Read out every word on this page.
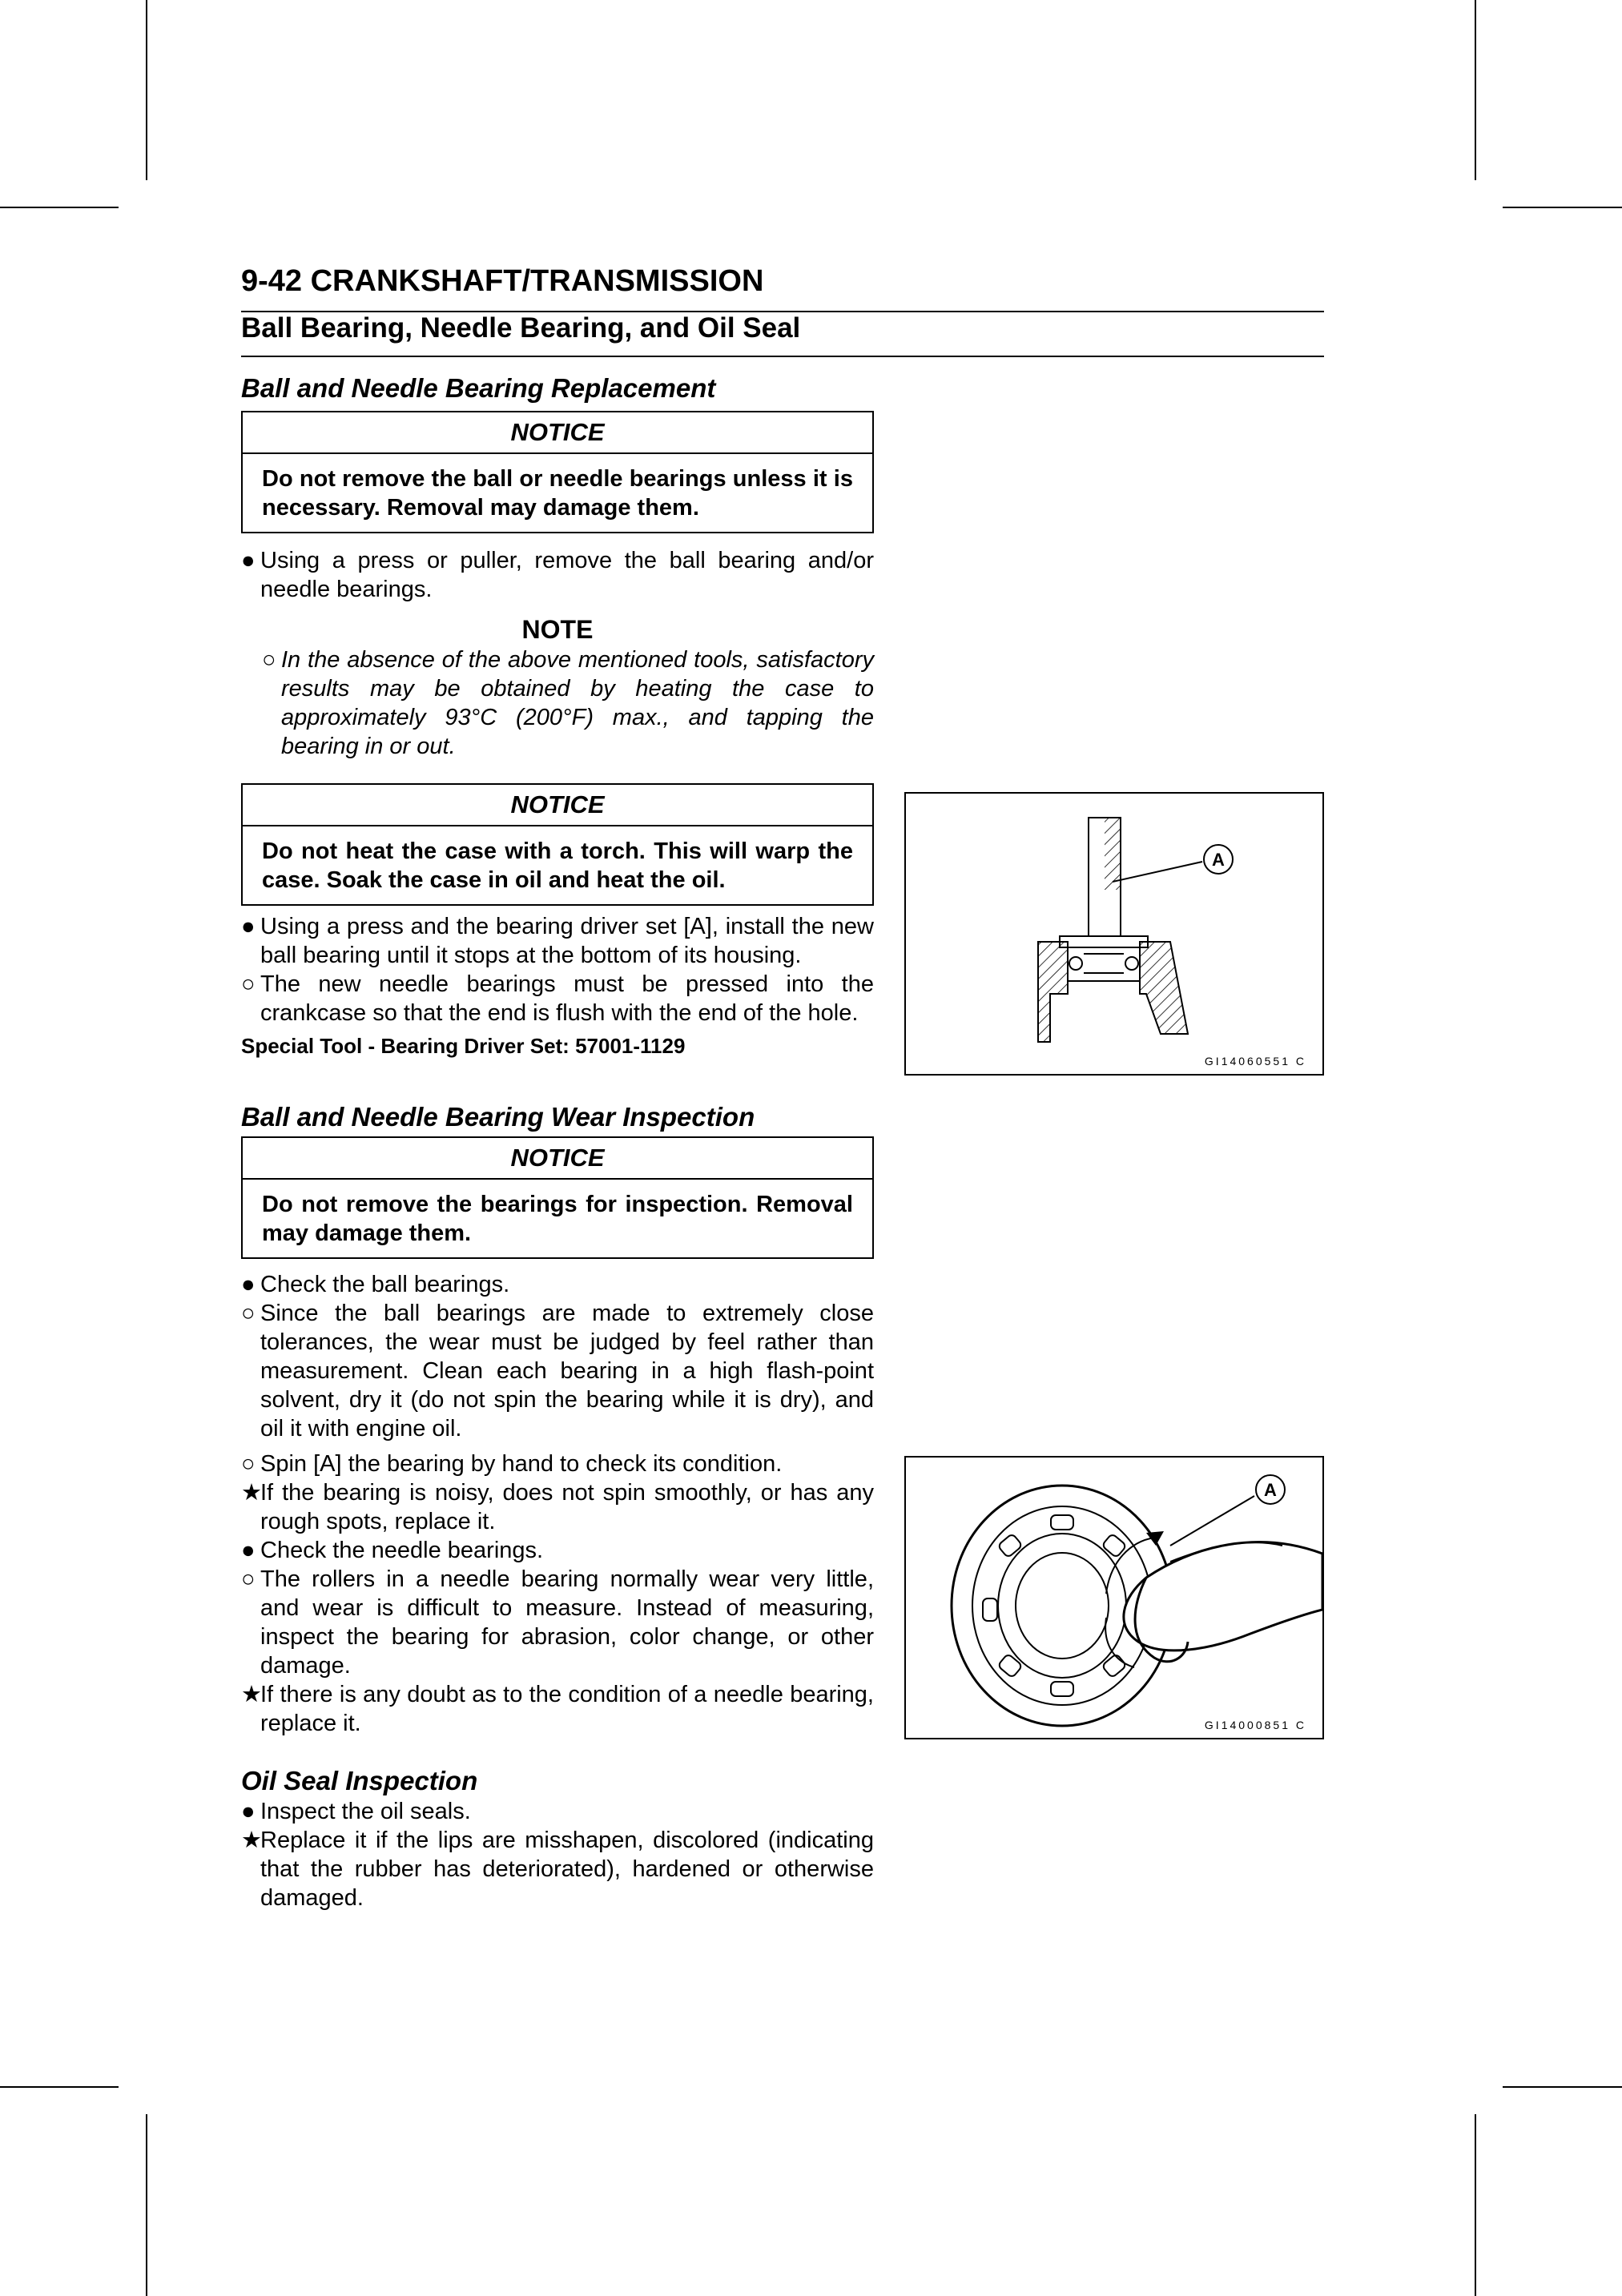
9-42 CRANKSHAFT/TRANSMISSION
Ball Bearing, Needle Bearing, and Oil Seal
Ball and Needle Bearing Replacement
NOTICE
Do not remove the ball or needle bearings unless it is necessary. Removal may damage them.
● Using a press or puller, remove the ball bearing and/or needle bearings.
NOTE
○ In the absence of the above mentioned tools, satisfactory results may be obtained by heating the case to approximately 93°C (200°F) max., and tapping the bearing in or out.
NOTICE
Do not heat the case with a torch. This will warp the case. Soak the case in oil and heat the oil.
● Using a press and the bearing driver set [A], install the new ball bearing until it stops at the bottom of its housing.
○ The new needle bearings must be pressed into the crankcase so that the end is flush with the end of the hole.
Special Tool - Bearing Driver Set: 57001-1129
Ball and Needle Bearing Wear Inspection
NOTICE
Do not remove the bearings for inspection. Removal may damage them.
● Check the ball bearings.
○ Since the ball bearings are made to extremely close tolerances, the wear must be judged by feel rather than measurement. Clean each bearing in a high flash-point solvent, dry it (do not spin the bearing while it is dry), and oil it with engine oil.
○ Spin [A] the bearing by hand to check its condition.
★
If the bearing is noisy, does not spin smoothly, or has any rough spots, replace it.
● Check the needle bearings.
○ The rollers in a needle bearing normally wear very little, and wear is difficult to measure. Instead of measuring, inspect the bearing for abrasion, color change, or other damage.
★
If there is any doubt as to the condition of a needle bearing, replace it.
Oil Seal Inspection
● Inspect the oil seals.
★
Replace it if the lips are misshapen, discolored (indicating that the rubber has deteriorated), hardened or otherwise damaged.
A
GI14060551 C
A
GI14000851 C
